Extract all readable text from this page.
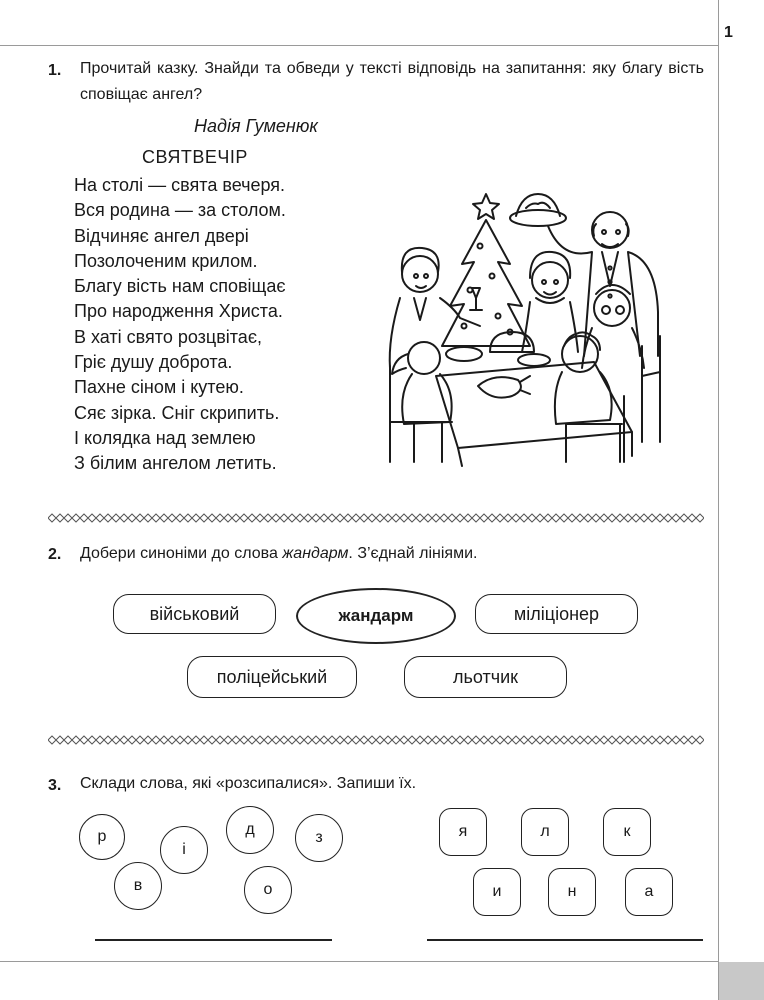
1
1. Прочитай казку. Знайди та обведи у тексті відповідь на запитання: яку благу вість сповіщає ангел?
Надія Гуменюк
СВЯТВЕЧІР
На столі — свята вечеря.
Вся родина — за столом.
Відчиняє ангел двері
Позолоченим крилом.
Благу вість нам сповіщає
Про народження Христа.
В хаті свято розцвітає,
Гріє душу доброта.
Пахне сіном і кутею.
Сяє зірка. Сніг скрипить.
І колядка над землею
З білим ангелом летить.
2. Добери синоніми до слова жандарм. З’єднай лініями.
військовий	жандарм	міліціонер
поліцейський	льотчик
3. Склади слова, які «розсипалися». Запиши їх.
р
і
д	з
в	о
я	л	к
и	н	а
